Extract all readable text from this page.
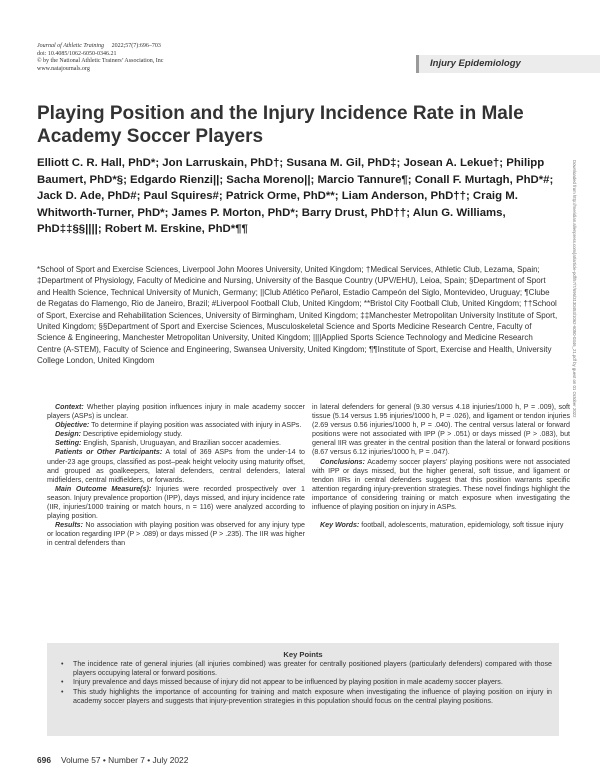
Journal of Athletic Training 2022;57(7):696–703
doi: 10.4085/1062-6050-0346.21
© by the National Athletic Trainers’ Association, Inc
www.natajournals.org	Injury Epidemiology
Playing Position and the Injury Incidence Rate in Male Academy Soccer Players

Elliott C. R. Hall, PhD*; Jon Larruskain, PhD†; Susana M. Gil, PhD‡; Josean A. Lekue†; Philipp Baumert, PhD*§; Edgardo Rienzi||; Sacha Moreno||; Marcio Tannure¶; Conall F. Murtagh, PhD*#; Jack D. Ade, PhD#; Paul Squires#; Patrick Orme, PhD**; Liam Anderson, PhD††; Craig M. Whitworth-Turner, PhD*; James P. Morton, PhD*; Barry Drust, PhD††; Alun G. Williams, PhD‡‡§§||||; Robert M. Erskine, PhD*¶¶

*School of Sport and Exercise Sciences, Liverpool John Moores University, United Kingdom; †Medical Services, Athletic Club, Lezama, Spain; ‡Department of Physiology, Faculty of Medicine and Nursing, University of the Basque Country (UPV/EHU), Leioa, Spain; §Department of Sport and Health Science, Technical University of Munich, Germany; ||Club Atlético Peñarol, Estadio Campeón del Siglo, Montevideo, Uruguay; ¶Clube de Regatas do Flamengo, Rio de Janeiro, Brazil; #Liverpool Football Club, United Kingdom; **Bristol City Football Club, United Kingdom; ††School of Sport, Exercise and Rehabilitation Sciences, University of Birmingham, United Kingdom; ‡‡Manchester Metropolitan University Institute of Sport, United Kingdom; §§Department of Sport and Exercise Sciences, Musculoskeletal Science and Sports Medicine Research Centre, Faculty of Science & Engineering, Manchester Metropolitan University, United Kingdom; ||||Applied Sports Science Technology and Medicine Research Centre (A-STEM), Faculty of Science and Engineering, Swansea University, United Kingdom; ¶¶Institute of Sport, Exercise and Health, University College London, United Kingdom	Downloaded from http://meridian.allenpress.com/jat/article-pdf/57/7/696/3130453/1062-6050-0346_21.pdf by guest on 01 October 2022

Context: Whether playing position influences injury in male academy soccer players (ASPs) is unclear.

Objective: To determine if playing position was associated with injury in ASPs.

Design: Descriptive epidemiology study.

Setting: English, Spanish, Uruguayan, and Brazilian soccer academies.

Patients or Other Participants: A total of 369 ASPs from the under-14 to under-23 age groups, classified as post–peak height velocity using maturity offset, and grouped as goalkeepers, lateral defenders, central defenders, lateral midfielders, central midfielders, or forwards.

Main Outcome Measure(s): Injuries were recorded prospectively over 1 season. Injury prevalence proportion (IPP), days missed, and injury incidence rate (IIR, injuries/1000 training or match hours, n = 116) were analyzed according to playing position.

Results: No association with playing position was observed for any injury type or location regarding IPP (P > .089) or days missed (P > .235). The IIR was higher in central defenders than

in lateral defenders for general (9.30 versus 4.18 injuries/1000 h, P = .009), soft tissue (5.14 versus 1.95 injuries/1000 h, P = .026), and ligament or tendon injuries (2.69 versus 0.56 injuries/1000 h, P = .040). The central versus lateral or forward positions were not associated with IPP (P > .051) or days missed (P > .083), but general IIR was greater in the central position than the lateral or forward positions (8.67 versus 6.12 injuries/1000 h, P = .047).

Conclusions: Academy soccer players’ playing positions were not associated with IPP or days missed, but the higher general, soft tissue, and ligament or tendon IIRs in central defenders suggest that this position warrants specific attention regarding injury-prevention strategies. These novel findings highlight the importance of considering training or match exposure when investigating the influence of playing position on injury in ASPs.

Key Words: football, adolescents, maturation, epidemiology, soft tissue injury

Key Points
• The incidence rate of general injuries (all injuries combined) was greater for centrally positioned players (particularly defenders) compared with those players occupying lateral or forward positions.
• Injury prevalence and days missed because of injury did not appear to be influenced by playing position in male academy soccer players.
• This study highlights the importance of accounting for training and match exposure when investigating the influence of playing position on injury in academy soccer players and suggests that injury-prevention strategies in this population should focus on the central playing positions.
696 Volume 57 • Number 7 • July 2022
